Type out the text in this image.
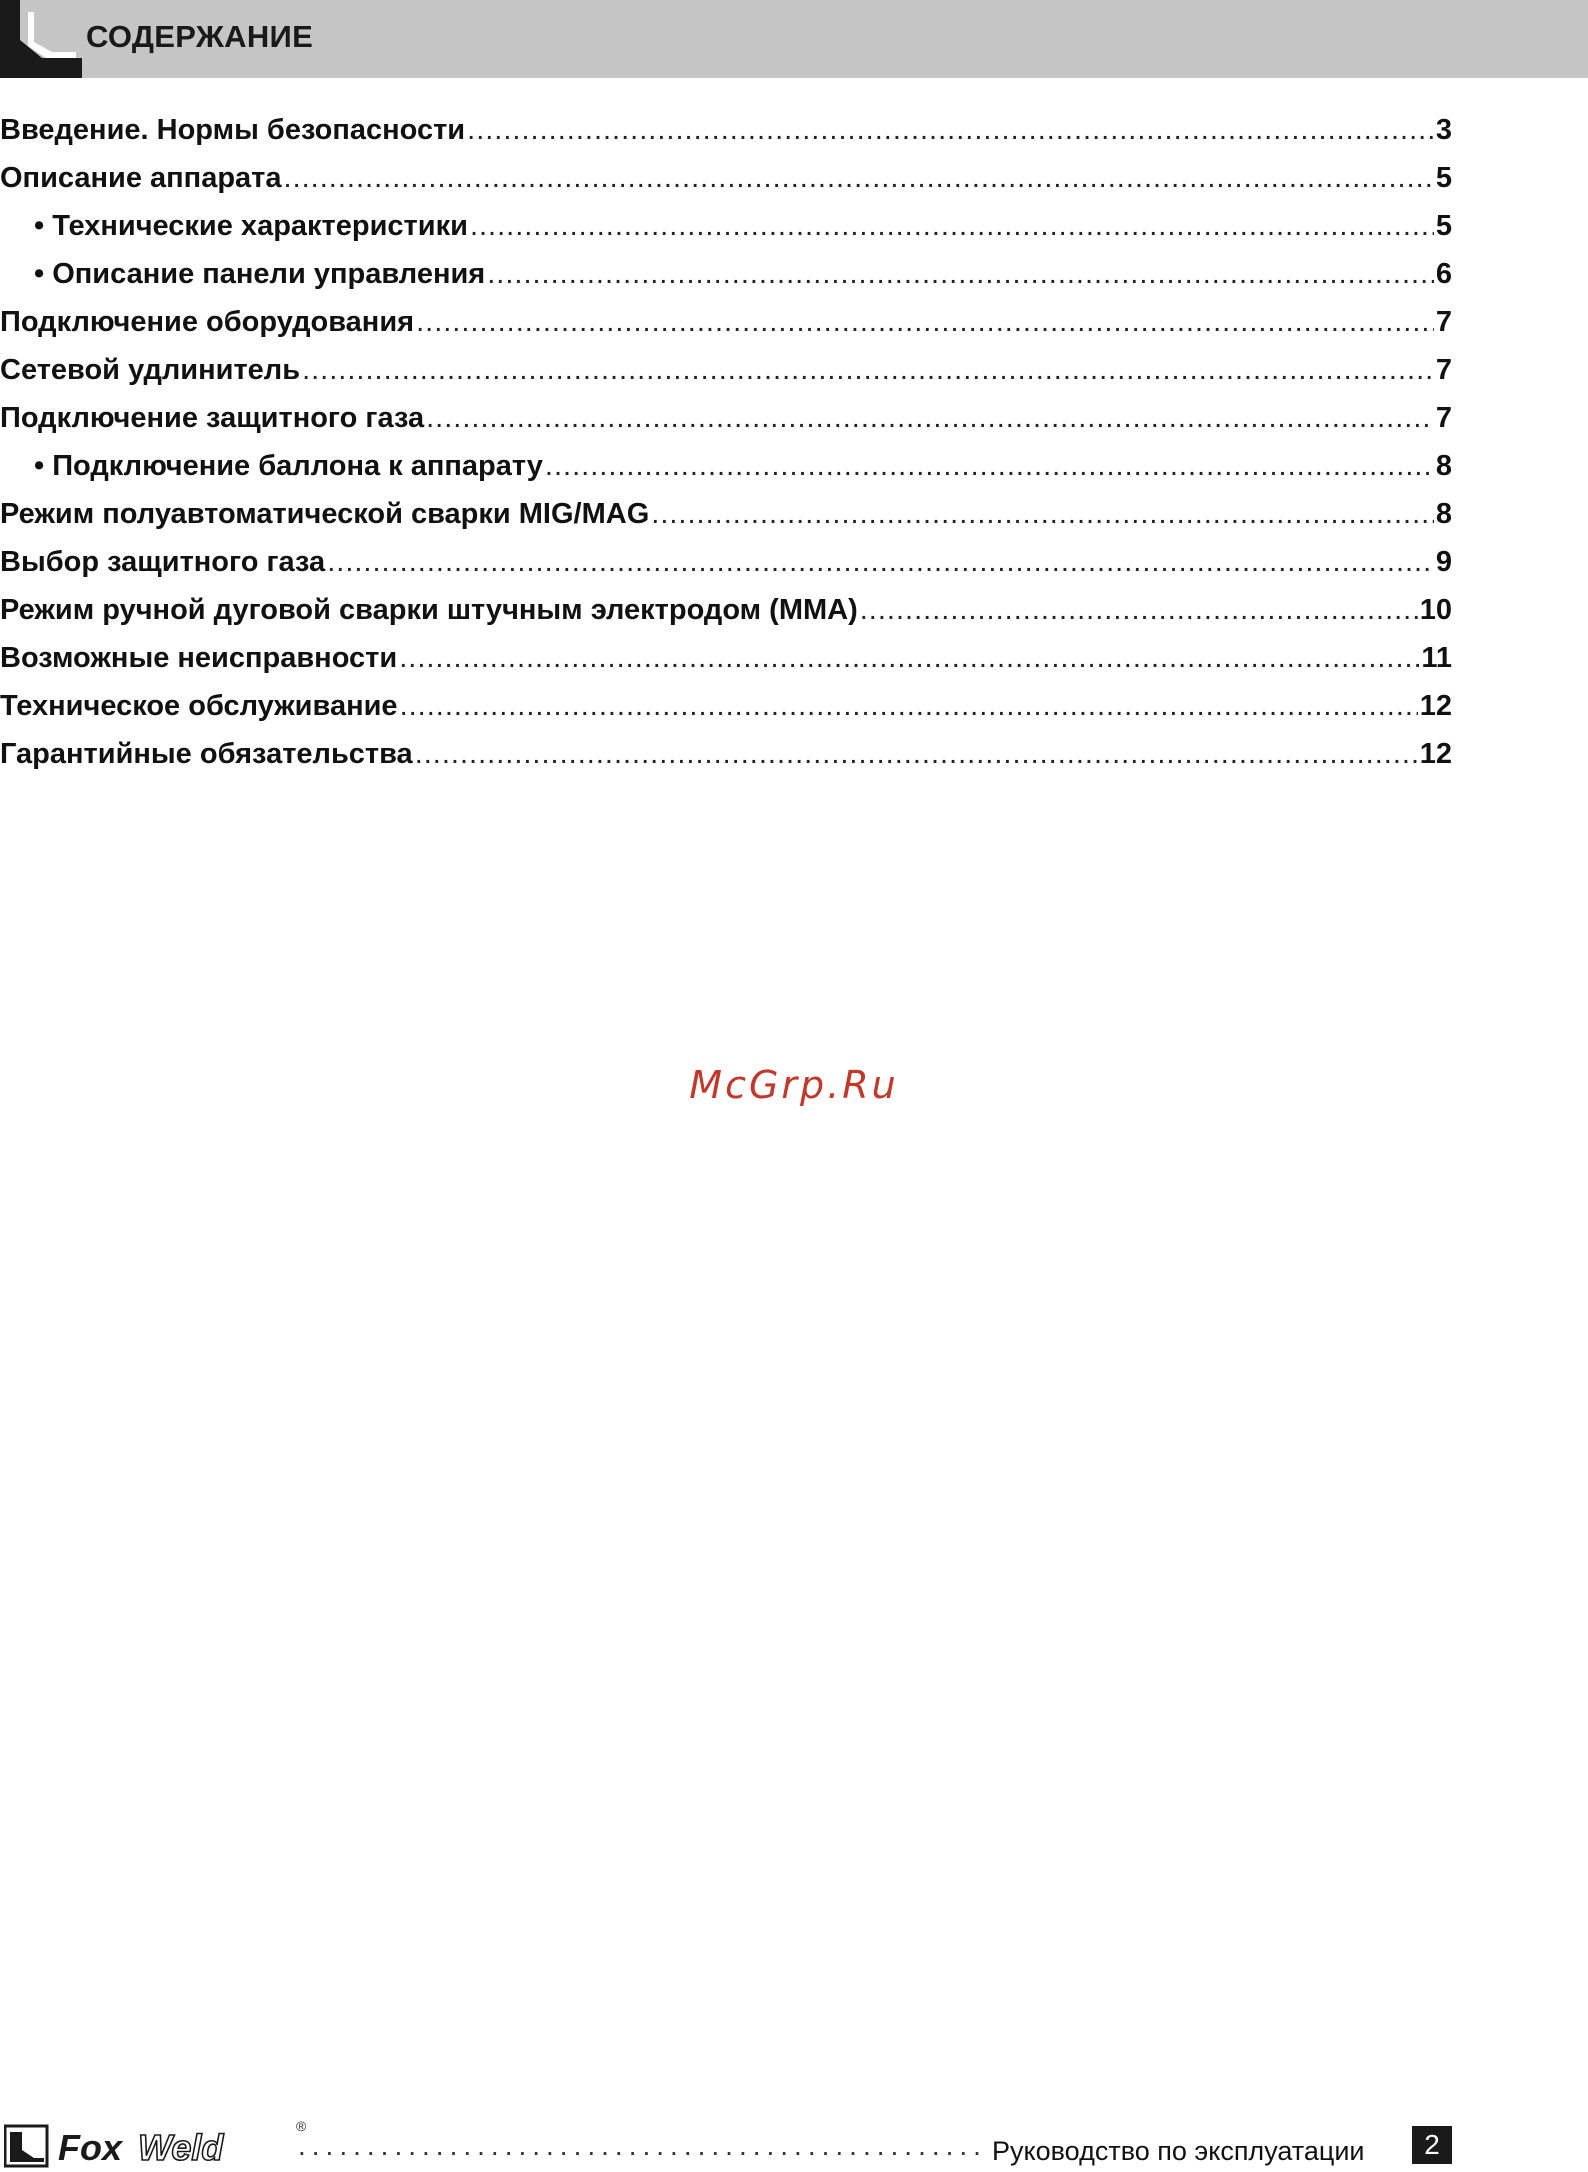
СОДЕРЖАНИЕ
Введение. Нормы безопасности .....	3
Описание аппарата .....	5
• Технические характеристики .....	5
• Описание панели управления .....	6
Подключение оборудования .....	7
Сетевой удлинитель .....	7
Подключение защитного газа .....	7
• Подключение баллона к аппарату .....	8
Режим полуавтоматической сварки MIG/MAG .....	8
Выбор защитного газа .....	9
Режим ручной дуговой сварки штучным электродом (ММА) .....	10
Возможные неисправности .....	11
Техническое обслуживание .....	12
Гарантийные обязательства .....	12
McGrp.Ru
Fox Weld
®
.....
Руководство по эксплуатации	2
